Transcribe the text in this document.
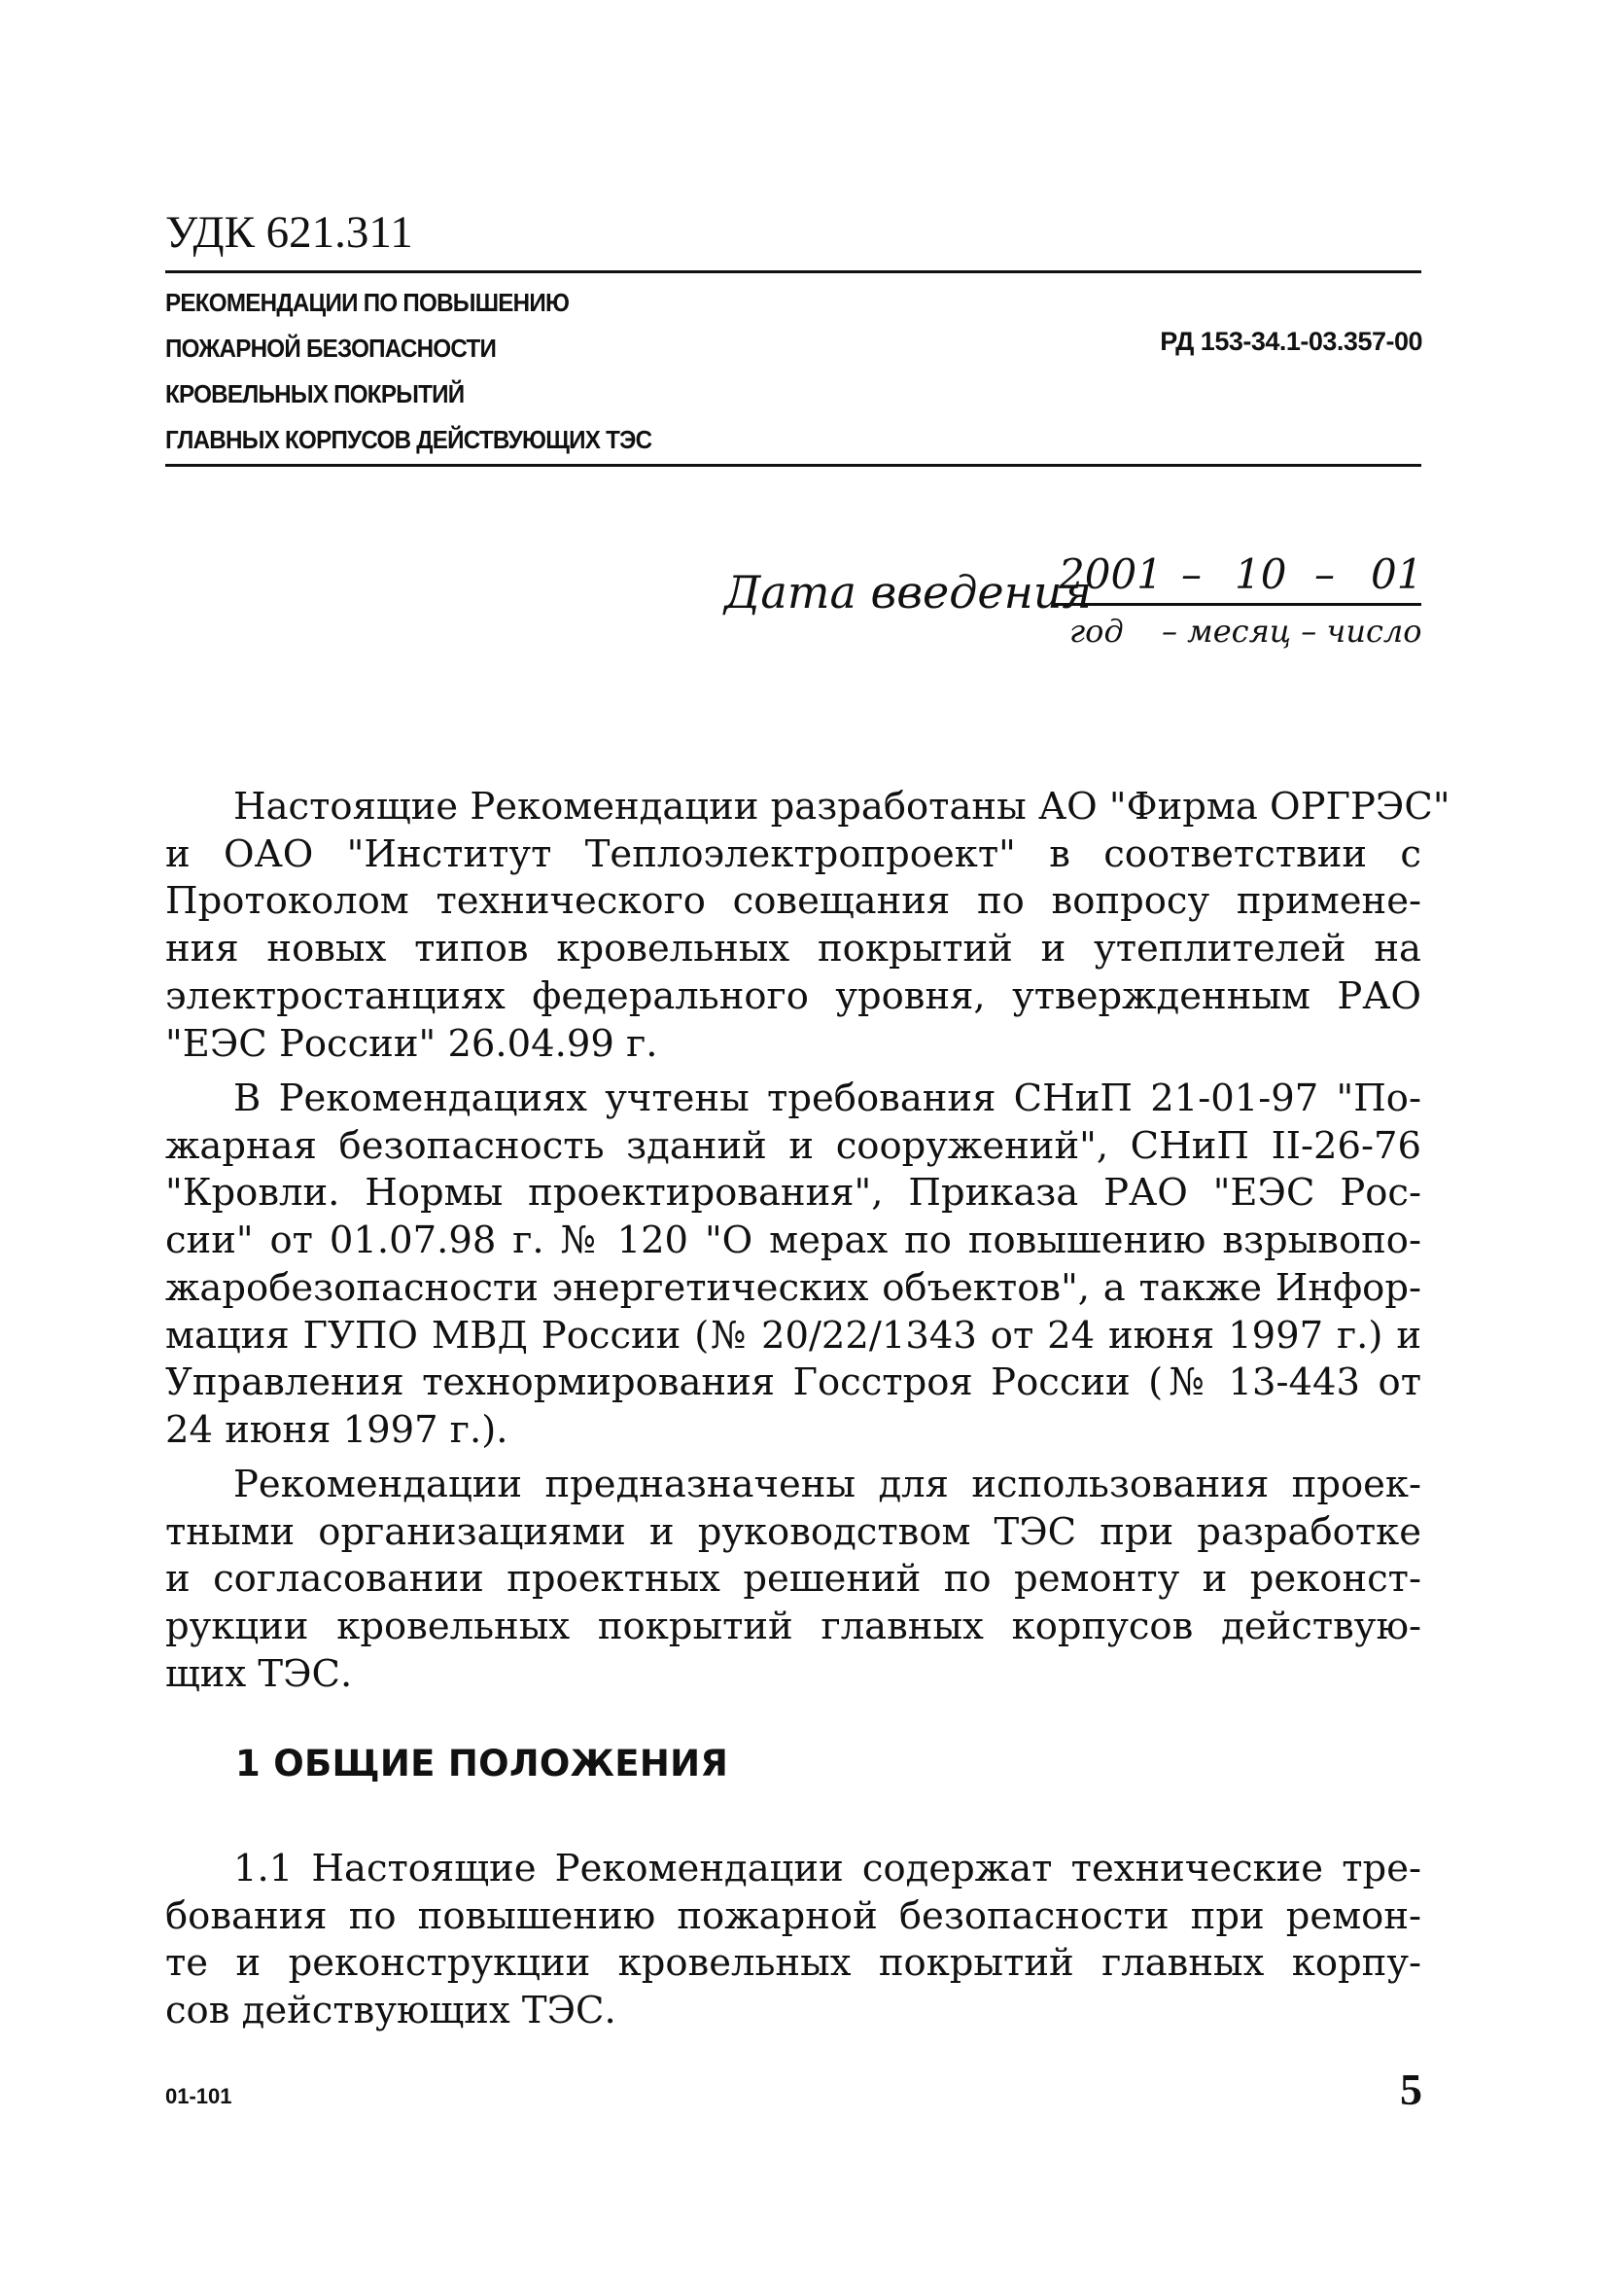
УДК 621.311
РЕКОМЕНДАЦИИ ПО ПОВЫШЕНИЮ
ПОЖАРНОЙ БЕЗОПАСНОСТИ
КРОВЕЛЬНЫХ ПОКРЫТИЙ
ГЛАВНЫХ КОРПУСОВ ДЕЙСТВУЮЩИХ ТЭС
РД 153-34.1-03.357-00
Дата введения
2001 – 10 – 01
год – месяц – число
Настоящие Рекомендации разработаны АО "Фирма ОРГРЭС"
и ОАО "Институт Теплоэлектропроект" в соответствии с
Протоколом технического совещания по вопросу примене-
ния новых типов кровельных покрытий и утеплителей на
электростанциях федерального уровня, утвержденным РАО
"ЕЭС России" 26.04.99 г.
В Рекомендациях учтены требования СНиП 21-01-97 "По-
жарная безопасность зданий и сооружений", СНиП II-26-76
"Кровли. Нормы проектирования", Приказа РАО "ЕЭС Рос-
сии" от 01.07.98 г. № 120 "О мерах по повышению взрывопо-
жаробезопасности энергетических объектов", а также Инфор-
мация ГУПО МВД России (№ 20/22/1343 от 24 июня 1997 г.) и
Управления технормирования Госстроя России (№ 13-443 от
24 июня 1997 г.).
Рекомендации предназначены для использования проек-
тными организациями и руководством ТЭС при разработке
и согласовании проектных решений по ремонту и реконст-
рукции кровельных покрытий главных корпусов действую-
щих ТЭС.
1 ОБЩИЕ ПОЛОЖЕНИЯ
1.1 Настоящие Рекомендации содержат технические тре-
бования по повышению пожарной безопасности при ремон-
те и реконструкции кровельных покрытий главных корпу-
сов действующих ТЭС.
01-101	5
